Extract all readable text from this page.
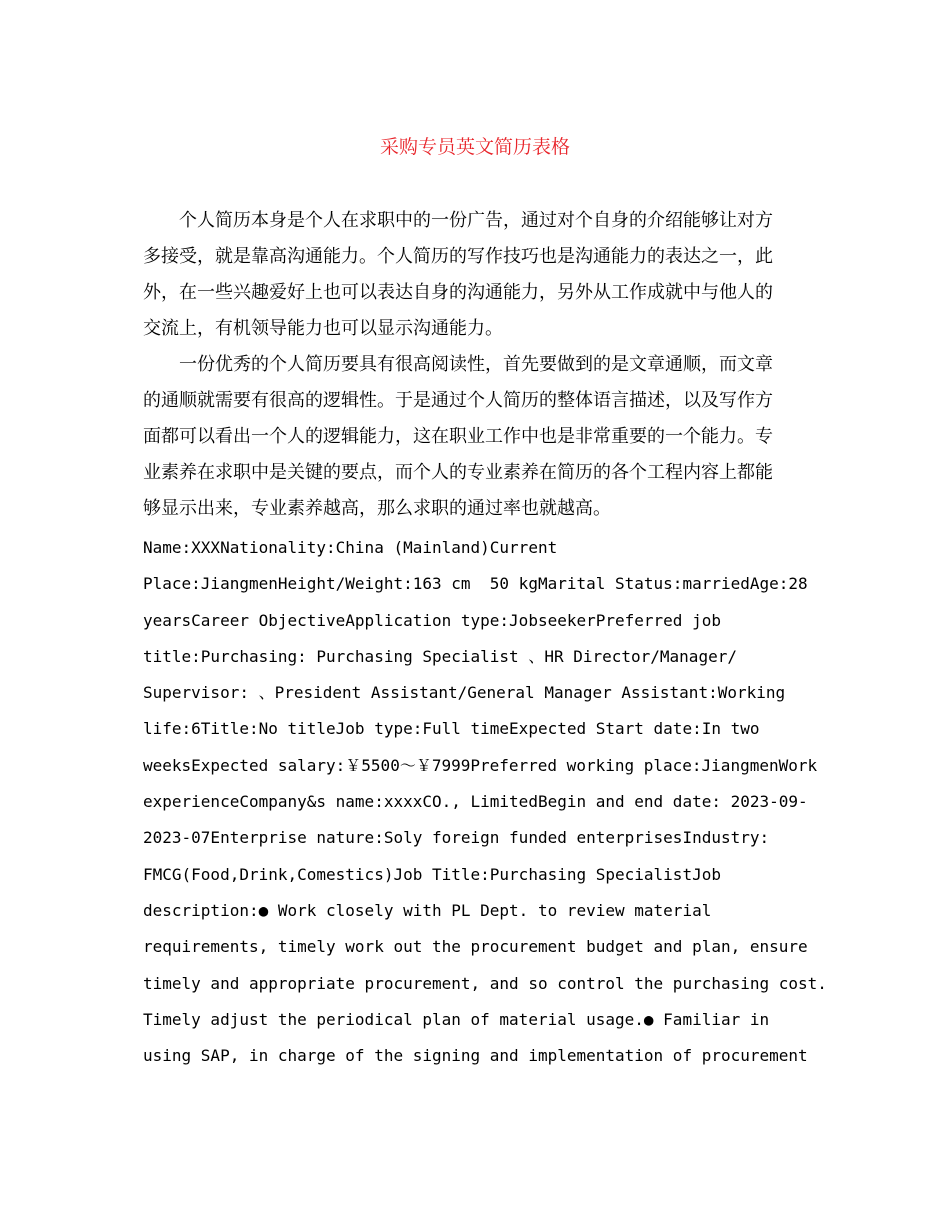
采购专员英文简历表格
个人简历本身是个人在求职中的一份广告，通过对个自身的介绍能够让对方
多接受，就是靠高沟通能力。个人简历的写作技巧也是沟通能力的表达之一，此
外，在一些兴趣爱好上也可以表达自身的沟通能力，另外从工作成就中与他人的
交流上，有机领导能力也可以显示沟通能力。
一份优秀的个人简历要具有很高阅读性，首先要做到的是文章通顺，而文章
的通顺就需要有很高的逻辑性。于是通过个人简历的整体语言描述，以及写作方
面都可以看出一个人的逻辑能力，这在职业工作中也是非常重要的一个能力。专
业素养在求职中是关键的要点，而个人的专业素养在简历的各个工程内容上都能
够显示出来，专业素养越高，那么求职的通过率也就越高。
Name:XXXNationality:China (Mainland)Current
Place:JiangmenHeight/Weight:163 cm  50 kgMarital Status:marriedAge:28
yearsCareer ObjectiveApplication type:JobseekerPreferred job
title:Purchasing: Purchasing Specialist 、HR Director/Manager/
Supervisor: 、President Assistant/General Manager Assistant:Working
life:6Title:No titleJob type:Full timeExpected Start date:In two
weeksExpected salary:￥5500～￥7999Preferred working place:JiangmenWork
experienceCompany&s name:xxxxCO., LimitedBegin and end date: 2023-09-
2023-07Enterprise nature:Soly foreign funded enterprisesIndustry:
FMCG(Food,Drink,Comestics)Job Title:Purchasing SpecialistJob
description:● Work closely with PL Dept. to review material
requirements, timely work out the procurement budget and plan, ensure
timely and appropriate procurement, and so control the purchasing cost.
Timely adjust the periodical plan of material usage.● Familiar in
using SAP, in charge of the signing and implementation of procurement
